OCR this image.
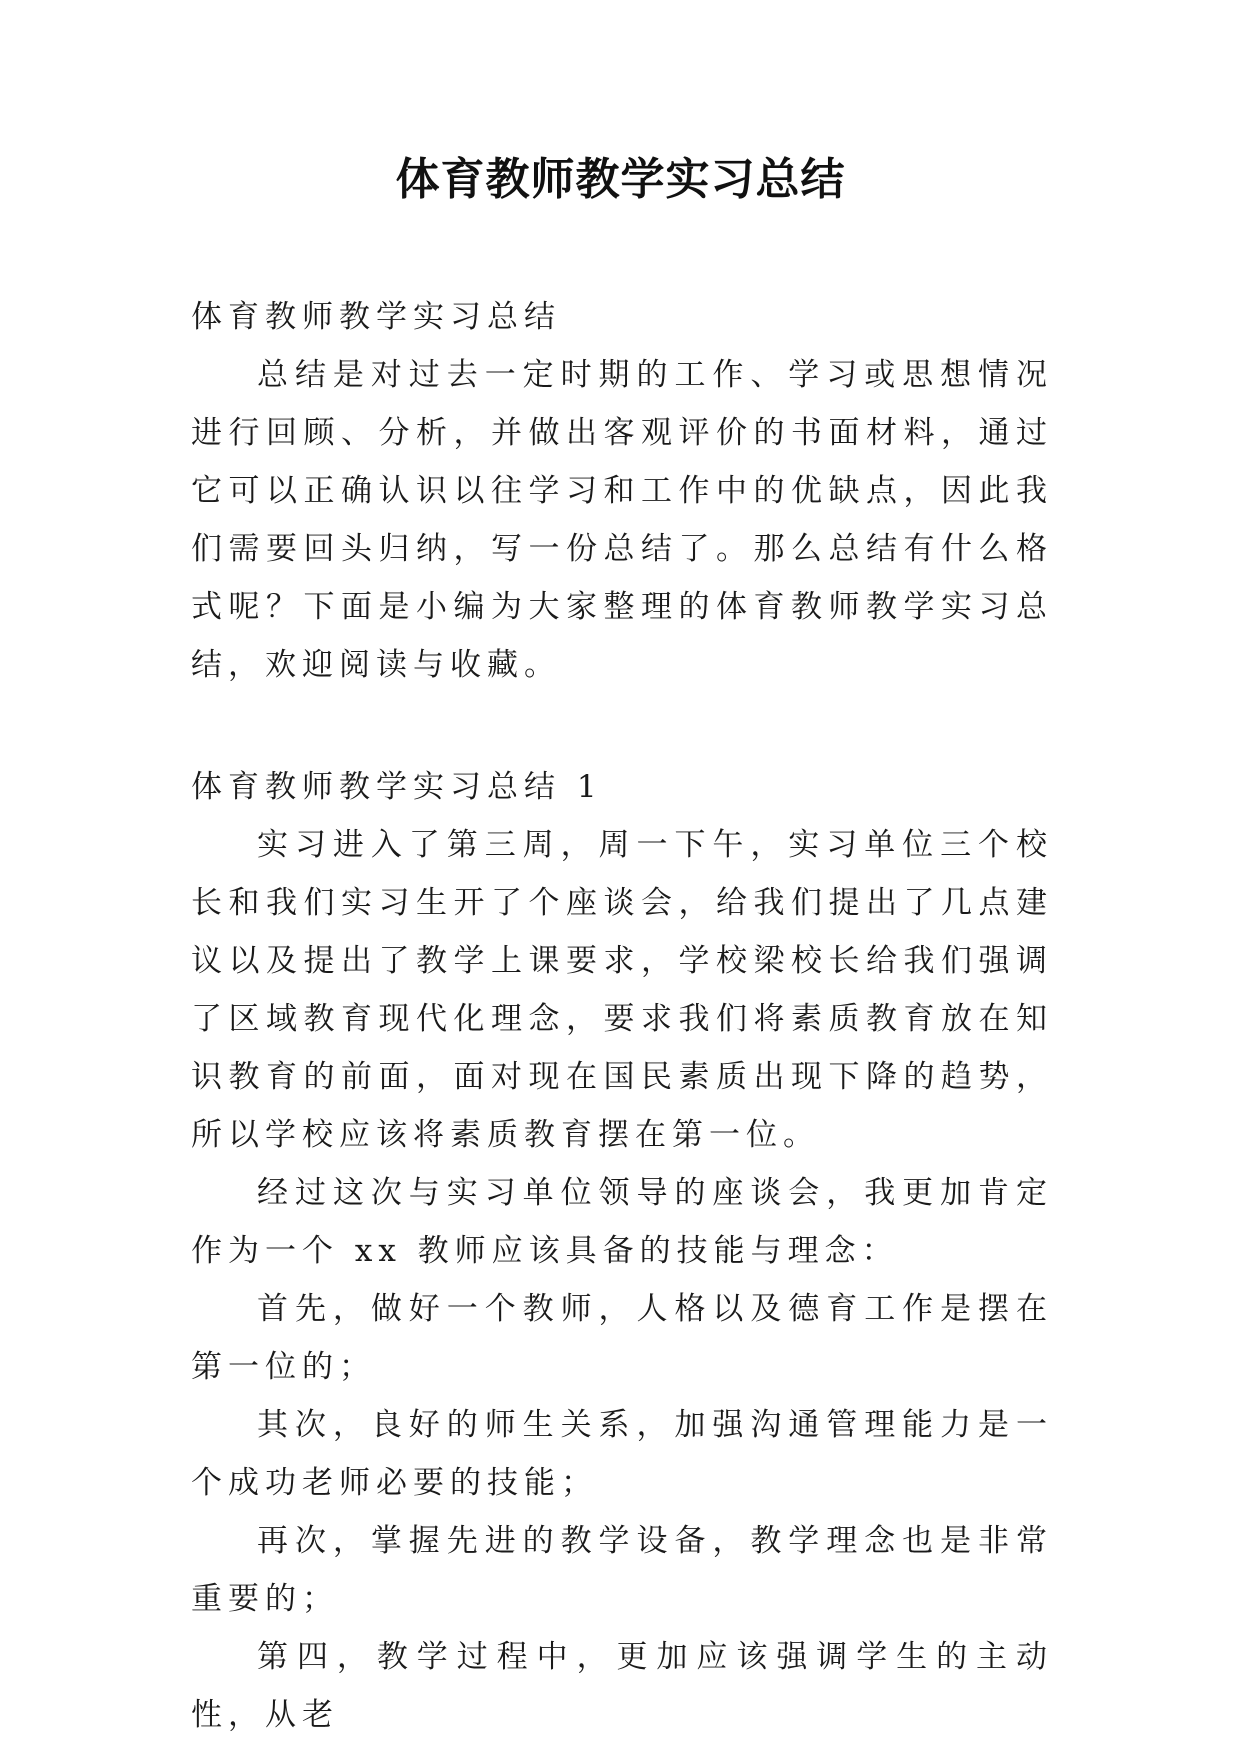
体育教师教学实习总结

体育教师教学实习总结

总结是对过去一定时期的工作、学习或思想情况进行回顾、分析，并做出客观评价的书面材料，通过它可以正确认识以往学习和工作中的优缺点，因此我们需要回头归纳，写一份总结了。那么总结有什么格式呢？下面是小编为大家整理的体育教师教学实习总结，欢迎阅读与收藏。

体育教师教学实习总结 1

实习进入了第三周，周一下午，实习单位三个校长和我们实习生开了个座谈会，给我们提出了几点建议以及提出了教学上课要求，学校梁校长给我们强调了区域教育现代化理念，要求我们将素质教育放在知识教育的前面，面对现在国民素质出现下降的趋势，所以学校应该将素质教育摆在第一位。

经过这次与实习单位领导的座谈会，我更加肯定作为一个 xx 教师应该具备的技能与理念：

首先，做好一个教师，人格以及德育工作是摆在第一位的；

其次，良好的师生关系，加强沟通管理能力是一个成功老师必要的技能；

再次，掌握先进的教学设备，教学理念也是非常重要的；

第四，教学过程中，更加应该强调学生的主动性，从老
